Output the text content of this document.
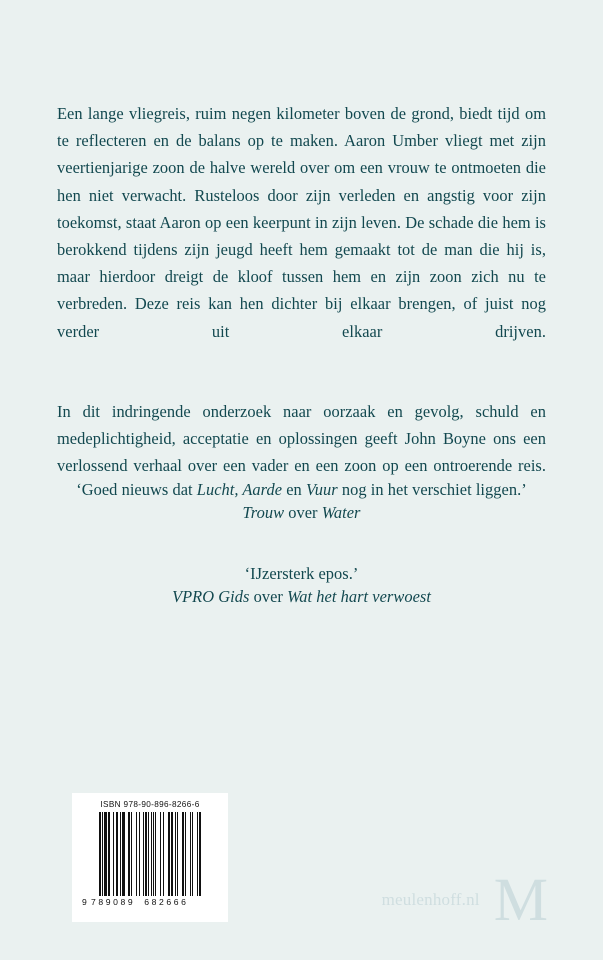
Een lange vliegreis, ruim negen kilometer boven de grond, biedt tijd om te reflecteren en de balans op te maken. Aaron Umber vliegt met zijn veertienjarige zoon de halve wereld over om een vrouw te ontmoeten die hen niet verwacht. Rusteloos door zijn verleden en angstig voor zijn toekomst, staat Aaron op een keerpunt in zijn leven. De schade die hem is berokkend tijdens zijn jeugd heeft hem gemaakt tot de man die hij is, maar hierdoor dreigt de kloof tussen hem en zijn zoon zich nu te verbreden. Deze reis kan hen dichter bij elkaar brengen, of juist nog verder uit elkaar drijven.

In dit indringende onderzoek naar oorzaak en gevolg, schuld en medeplichtigheid, acceptatie en oplossingen geeft John Boyne ons een verlossend verhaal over een vader en een zoon op een ontroerende reis.

‘Goed nieuws dat Lucht, Aarde en Vuur nog in het verschiet liggen.’
Trouw over Water
‘IJzersterk epos.’
VPRO Gids over Wat het hart verwoest
ISBN 978-90-896-8266-6
9 789089 682666	meulenhoff.nl M
